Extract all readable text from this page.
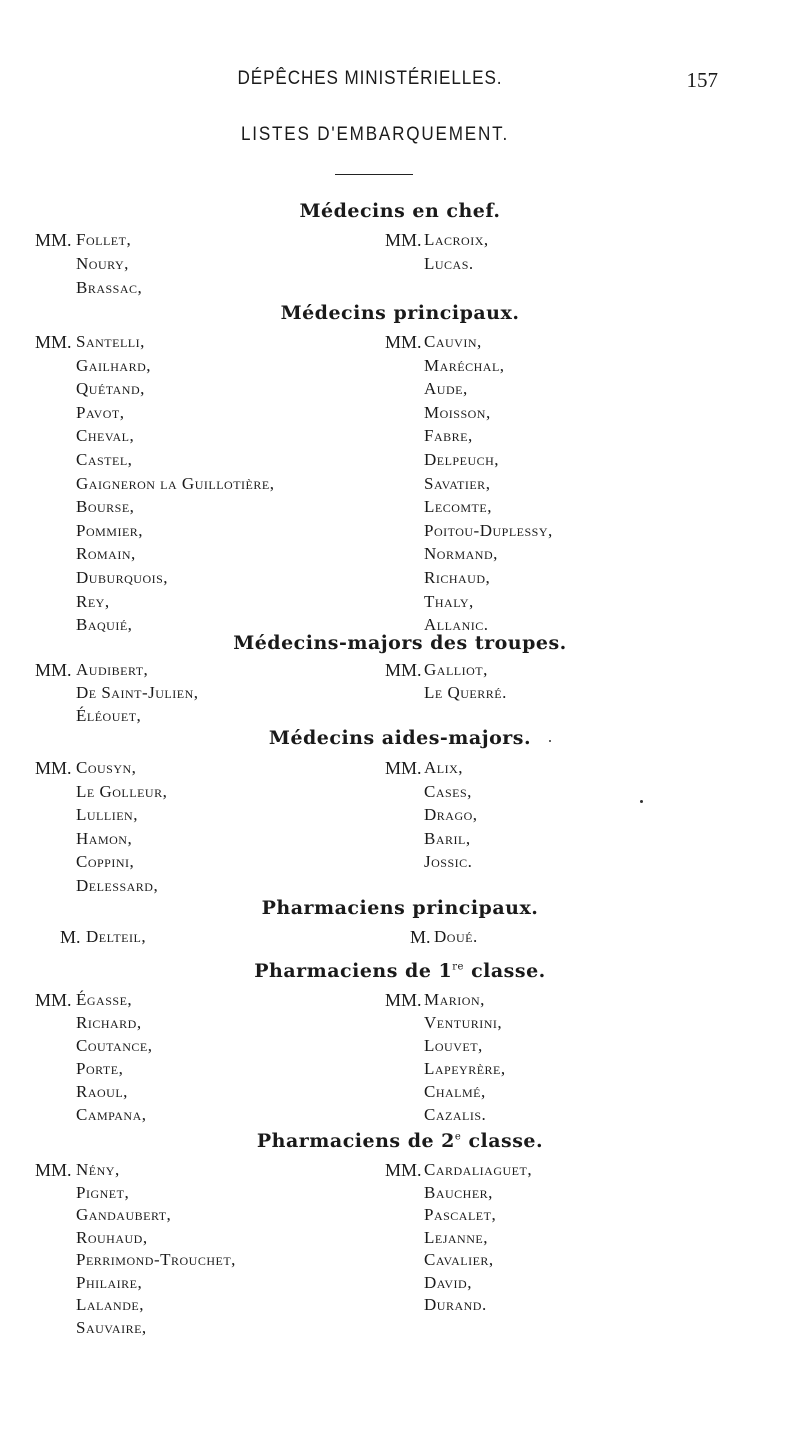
DÉPÊCHES MINISTÉRIELLES.	157
LISTES D'EMBARQUEMENT.
Médecins en chef.
Médecins principaux.
Médecins-majors des troupes.
Médecins aides-majors.
Pharmaciens principaux.
Pharmaciens de 1re classe.
Pharmaciens de 2e classe.
MM. Follet,
Noury,
Brassac,
MM. Lacroix,
Lucas.
MM. Santelli,
Gailhard,
Quétand,
Pavot,
Cheval,
Castel,
Gaigneron la Guillotière,
Bourse,
Pommier,
Romain,
Duburquois,
Rey,
Baquié,
MM. Cauvin,
Maréchal,
Aude,
Moisson,
Fabre,
Delpeuch,
Savatier,
Lecomte,
Poitou-Duplessy,
Normand,
Richaud,
Thaly,
Allanic.
MM. Audibert,
De Saint-Julien,
Éléouet,
MM. Galliot,
Le Querré.
MM. Cousyn,
Le Golleur,
Lullien,
Hamon,
Coppini,
Delessard,
MM. Alix,
Cases,
Drago,
Baril,
Jossic.
M. Delteil,	M. Doué.
MM. Égasse,
Richard,
Coutance,
Porte,
Raoul,
Campana,
MM. Marion,
Venturini,
Louvet,
Lapeyrère,
Chalmé,
Cazalis.
MM. Nény,
Pignet,
Gandaubert,
Rouhaud,
Perrimond-Trouchet,
Philaire,
Lalande,
Sauvaire,
MM. Cardaliaguet,
Baucher,
Pascalet,
Lejanne,
Cavalier,
David,
Durand.
